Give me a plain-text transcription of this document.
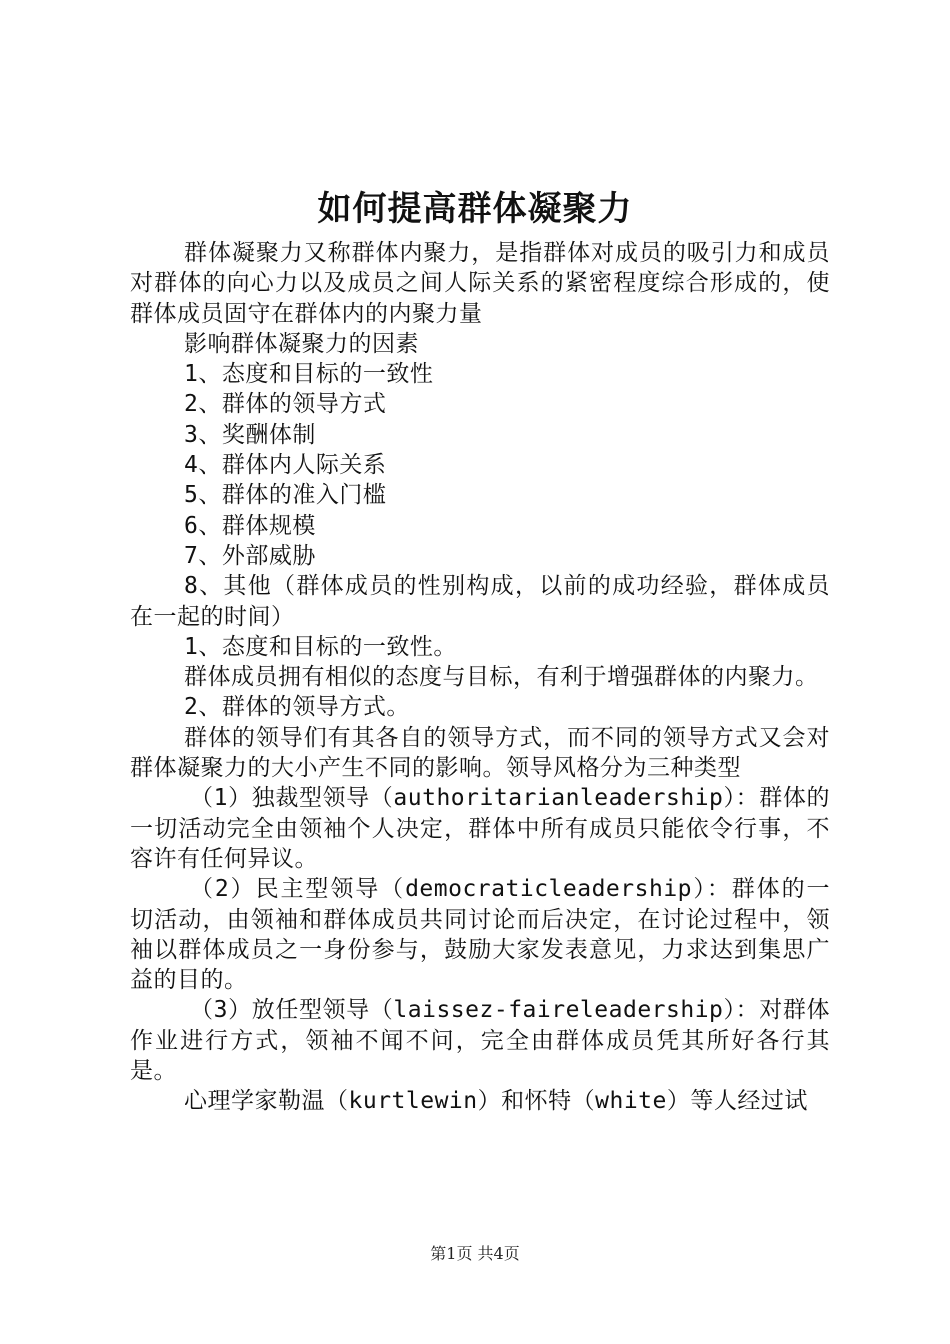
如何提高群体凝聚力

群体凝聚力又称群体内聚力，是指群体对成员的吸引力和成员对群体的向心力以及成员之间人际关系的紧密程度综合形成的，使群体成员固守在群体内的内聚力量

影响群体凝聚力的因素

1、态度和目标的一致性

2、群体的领导方式

3、奖酬体制

4、群体内人际关系

5、群体的准入门槛

6、群体规模

7、外部威胁

8、其他（群体成员的性别构成，以前的成功经验，群体成员在一起的时间）

1、态度和目标的一致性。

群体成员拥有相似的态度与目标，有利于增强群体的内聚力。

2、群体的领导方式。

群体的领导们有其各自的领导方式，而不同的领导方式又会对群体凝聚力的大小产生不同的影响。领导风格分为三种类型

（1）独裁型领导（authoritarianleadership）：群体的一切活动完全由领袖个人决定，群体中所有成员只能依令行事，不容许有任何异议。

（2）民主型领导（democraticleadership）：群体的一切活动，由领袖和群体成员共同讨论而后决定，在讨论过程中，领袖以群体成员之一身份参与，鼓励大家发表意见，力求达到集思广益的目的。

（3）放任型领导（laissez-faireleadership）：对群体作业进行方式，领袖不闻不问，完全由群体成员凭其所好各行其是。

心理学家勒温（kurtlewin）和怀特（white）等人经过试

第1页 共4页
